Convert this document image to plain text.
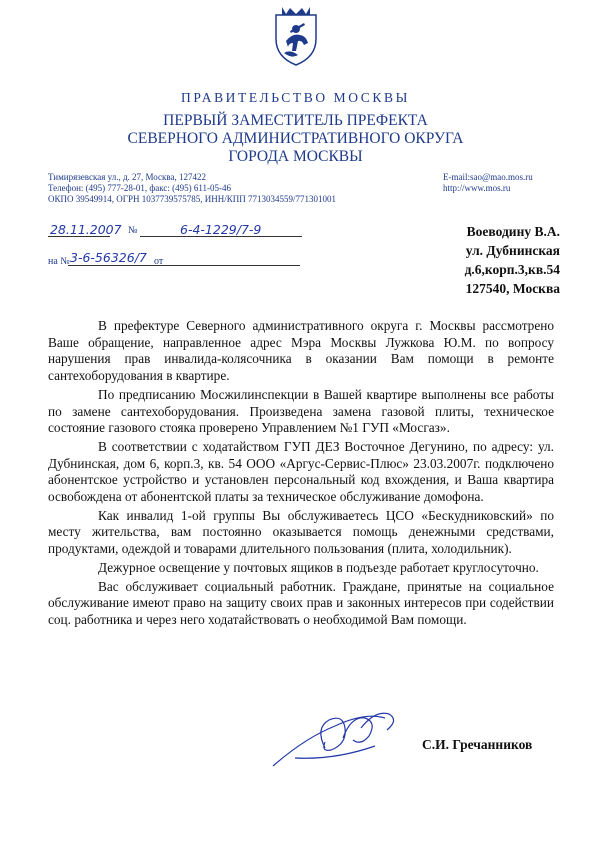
ПРАВИТЕЛЬСТВО МОСКВЫ
ПЕРВЫЙ ЗАМЕСТИТЕЛЬ ПРЕФЕКТА
СЕВЕРНОГО АДМИНИСТРАТИВНОГО ОКРУГА
ГОРОДА МОСКВЫ
Тимирязевская ул., д. 27, Москва, 127422
Телефон: (495) 777-28-01, факс: (495) 611-05-46
ОКПО 39549914, ОГРН 1037739575785, ИНН/КПП 7713034559/771301001
E-mail:sao@mao.mos.ru
http://www.mos.ru
28.11.2007 №	6-4-1229/7-9
на № 3-6-56326/7 от
Воеводину В.А.
ул. Дубнинская
д.6,корп.3,кв.54
127540, Москва

В префектуре Северного административного округа г. Москвы рассмотрено Ваше обращение, направленное адрес Мэра Москвы Лужкова Ю.М. по вопросу нарушения прав инвалида-колясочника в оказании Вам помощи в ремонте сантехоборудования в квартире.

По предписанию Мосжилинспекции в Вашей квартире выполнены все работы по замене сантехоборудования. Произведена замена газовой плиты, техническое состояние газового стояка проверено Управлением №1 ГУП «Мосгаз».

В соответствии с ходатайством ГУП ДЕЗ Восточное Дегунино, по адресу: ул. Дубнинская, дом 6, корп.3, кв. 54 ООО «Аргус-Сервис-Плюс» 23.03.2007г. подключено абонентское устройство и установлен персональный код вхождения, и Ваша квартира освобождена от абонентской платы за техническое обслуживание домофона.

Как инвалид 1-ой группы Вы обслуживаетесь ЦСО «Бескудниковский» по месту жительства, вам постоянно оказывается помощь денежными средствами, продуктами, одеждой и товарами длительного пользования (плита, холодильник).

Дежурное освещение у почтовых ящиков в подъезде работает круглосуточно.

Вас обслуживает социальный работник. Граждане, принятые на социальное обслуживание имеют право на защиту своих прав и законных интересов при содействии соц. работника и через него ходатайствовать о необходимой Вам помощи.

С.И. Гречанников
